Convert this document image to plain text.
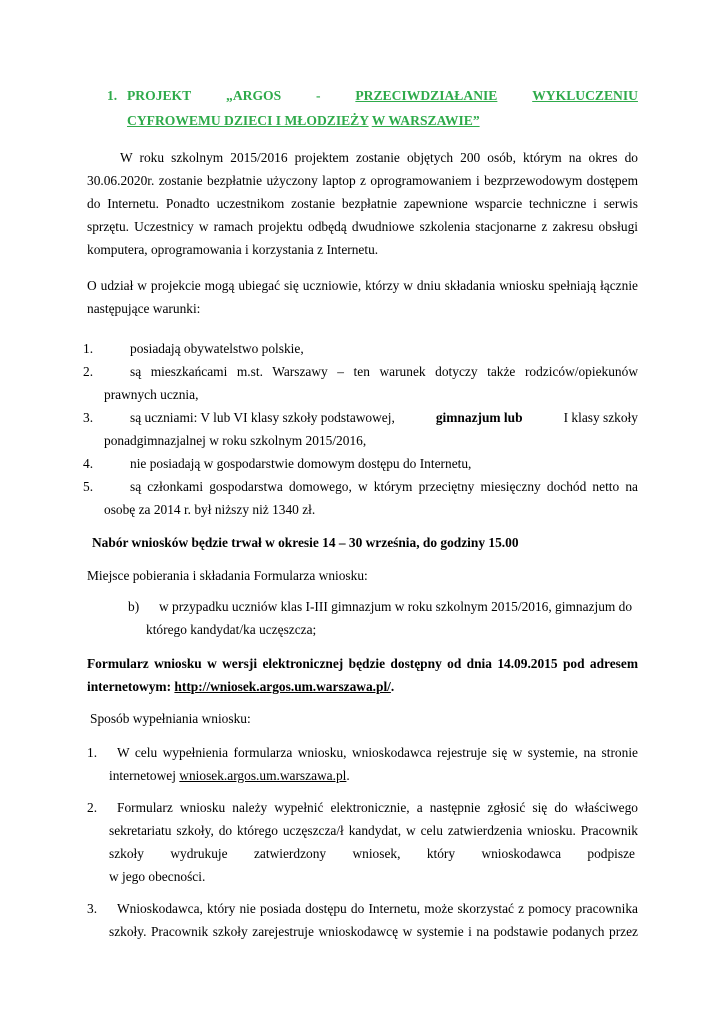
1. PROJEKT	„ARGOS	-	PRZECIWDZIAŁANIE	WYKLUCZENIU
CYFROWEMU DZIECI I MŁODZIEŻY W WARSZAWIE”
W roku szkolnym 2015/2016 projektem zostanie objętych 200 osób, którym na okres do
30.06.2020r. zostanie bezpłatnie użyczony laptop z oprogramowaniem i bezprzewodowym dostępem
do Internetu. Ponadto uczestnikom zostanie bezpłatnie zapewnione wsparcie techniczne i serwis
sprzętu. Uczestnicy w ramach projektu odbędą dwudniowe szkolenia stacjonarne z zakresu obsługi
komputera, oprogramowania i korzystania z Internetu.
O udział w projekcie mogą ubiegać się uczniowie, którzy w dniu składania wniosku spełniają łącznie
następujące warunki:
1.	posiadają obywatelstwo polskie,
2.	są mieszkańcami m.st. Warszawy – ten warunek dotyczy także rodziców/opiekunów
prawnych ucznia,
3.	są uczniami: V lub VI klasy szkoły podstawowej,	gimnazjum lub	I klasy szkoły
ponadgimnazjalnej w roku szkolnym 2015/2016,
4.	nie posiadają w gospodarstwie domowym dostępu do Internetu,
5.	są członkami gospodarstwa domowego, w którym przeciętny miesięczny dochód netto na
osobę za 2014 r. był niższy niż 1340 zł.
Nabór wniosków będzie trwał w okresie 14 – 30 września, do godziny 15.00
Miejsce pobierania i składania Formularza wniosku:
b) w przypadku uczniów klas I-III gimnazjum w roku szkolnym 2015/2016, gimnazjum do
którego kandydat/ka uczęszcza;
Formularz wniosku w wersji elektronicznej będzie dostępny od dnia 14.09.2015 pod adresem
internetowym: http://wniosek.argos.um.warszawa.pl/.
Sposób wypełniania wniosku:
1. W celu wypełnienia formularza wniosku, wnioskodawca rejestruje się w systemie, na stronie
internetowej wniosek.argos.um.warszawa.pl.
2. Formularz wniosku należy wypełnić elektronicznie, a następnie zgłosić się do właściwego
sekretariatu szkoły, do którego uczęszcza/ł kandydat, w celu zatwierdzenia wniosku. Pracownik
szkoły wydrukuje zatwierdzony wniosek, który wnioskodawca podpisze
w jego obecności.
3. Wnioskodawca, który nie posiada dostępu do Internetu, może skorzystać z pomocy pracownika
szkoły. Pracownik szkoły zarejestruje wnioskodawcę w systemie i na podstawie podanych przez
